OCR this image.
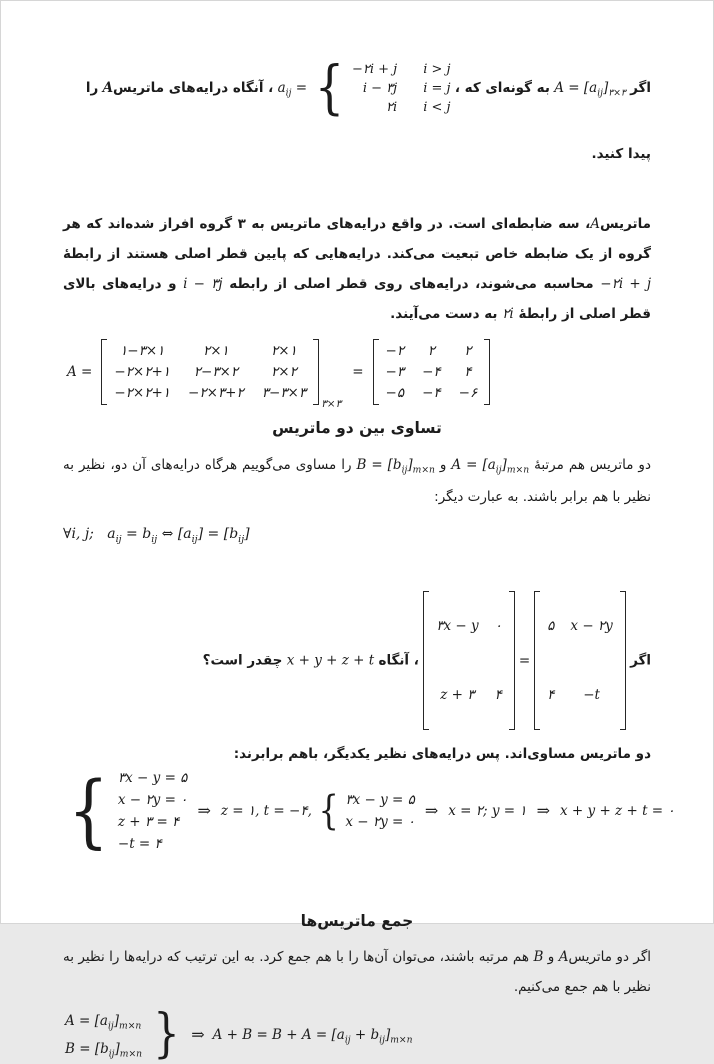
اگر $A = [a_{ij}]_{۳\times ۳}$ به گونه‌ای که ،
$a_{ij}$ = { −۲i + j i > j
i − ۳j i = j
۲i i < j
، آنگاه درایه‌های ماتریس‌A را پیدا کنید.

ماتریس‌A، سه ضابطه‌ای است. در واقع درایه‌های ماتریس به ۳ گروه افراز شده‌اند که هر گروه از یک ضابطه خاص تبعیت می‌کند. درایه‌هایی که پایین قطر اصلی هستند از رابطهٔ −۲i + j محاسبه می‌شوند، درایه‌های روی قطر اصلی از رابطه i − ۳j و درایه‌های بالای قطر اصلی از رابطهٔ ۲i به دست می‌آیند.

A =
۱−۳×۱	۲×۱	۲×۱
−۲×۲+۱ ۲−۳×۲ ۲×۲
−۲×۲+۱ −۲×۳+۲ ۳−۳×۳
۳×۳
=
−۲ ۲ ۲
−۳ −۴ ۴
−۵ −۴ −۶
تساوی بین دو ماتریس

دو ماتریس هم مرتبهٔ $A = [a_{ij}]_{m\times n}$ و $B = [b_{ij}]_{m\times n}$ را مساوی می‌گوییم هرگاه درایه‌های آن دو، نظیر به نظیر با هم برابر باشند. به عبارت دیگر:

∀i, j;   $a_{ij} = b_{ij}$ ⇔ $[a_{ij}] = [b_{ij}]$
اگر
۳x − y ۰
z + ۳ ۴
=
۵ x − ۲y
۴ −t
، آنگاه x + y + z + t چقدر است؟
دو ماتریس مساوی‌اند. پس درایه‌های نظیر یکدیگر، باهم برابرند:
{ ۳x − y = ۵
x − ۲y = ۰
z + ۳ = ۴
−t = ۴
⇒ z = ۱, t = −۴, { ۳x − y = ۵
x − ۲y = ۰
⇒ x = ۲; y = ۱ ⇒ x + y + z + t = ۰
جمع ماتریس‌ها

اگر دو ماتریس‌A و B هم مرتبه باشند، می‌توان آن‌ها را با هم جمع کرد. به این ترتیب که درایه‌ها را نظیر به نظیر با هم جمع می‌کنیم.

$A = [a_{ij}]_{m\times n}$
$B = [b_{ij}]_{m\times n}$ } ⇒ $A + B = B + A = [a_{ij} + b_{ij}]_{m\times n}$
